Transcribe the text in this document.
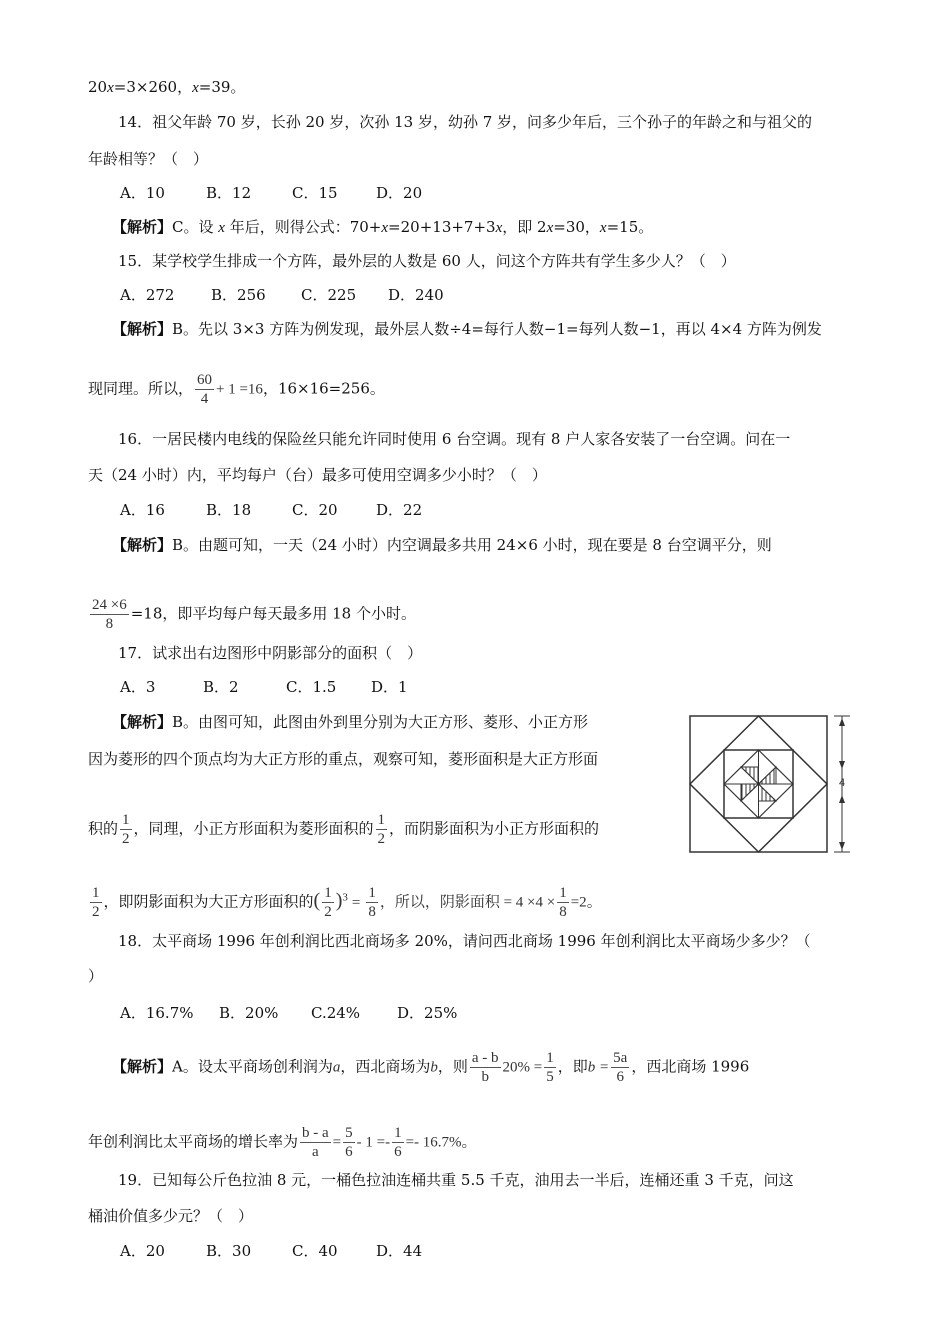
20x=3×260，x=39。
14．祖父年龄 70 岁，长孙 20 岁，次孙 13 岁，幼孙 7 岁，问多少年后，三个孙子的年龄之和与祖父的
年龄相等？（　）
A．10	B．12	C．15	D．20
【解析】C。设 x 年后，则得公式：70+x=20+13+7+3x，即 2x=30，x=15。
15．某学校学生排成一个方阵，最外层的人数是 60 人，问这个方阵共有学生多少人？（　）
A．272 B．256 C．225 D．240
【解析】B。先以 3×3 方阵为例发现，最外层人数÷4=每行人数−1=每列人数−1，再以 4×4 方阵为例发
现同理。所以， $\frac{60}{4} + 1 =16$，16×16=256。
16．一居民楼内电线的保险丝只能允许同时使用 6 台空调。现有 8 户人家各安装了一台空调。问在一
天（24 小时）内，平均每户（台）最多可使用空调多少小时？（　）
A．16	B．18	C．20	D．22
【解析】B。由题可知，一天（24 小时）内空调最多共用 24×6 小时，现在要是 8 台空调平分，则
$\frac{24 \times 6}{8} =18$，即平均每户每天最多用 18 个小时。
17．试求出右边图形中阴影部分的面积（　）
A．3	B．2	C．1.5 D．1
【解析】B。由图可知，此图由外到里分别为大正方形、菱形、小正方形
因为菱形的四个顶点均为大正方形的重点，观察可知，菱形面积是大正方形面
积的 $\frac{1}{2}$ ，同理，小正方形面积为菱形面积的 $\frac{1}{2}$ ，而阴影面积为小正方形面积的
$\frac{1}{2}$ ，即阴影面积为大正方形面积的( $\frac{1}{2} )^3 = \frac{1}{8}$ ，所以，阴影面积 = $4 \times 4 \times \frac{1}{8} =2$。
4
18．太平商场 1996 年创利润比西北商场多 20%，请问西北商场 1996 年创利润比太平商场少多少？（
）
A．16.7% B．20% C.24% D．25%
【解析】A。设太平商场创利润为a，西北商场为b，则 $\frac{a - b}{b} 20\% = \frac{1}{5}$ ，即$b = \frac{5a}{6}$ ，西北商场 1996
年创利润比太平商场的增长率为 $\frac{b - a}{a} = \frac{5}{6} - 1 =- \frac{1}{6} =- 16.7\%$。
19．已知每公斤色拉油 8 元，一桶色拉油连桶共重 5.5 千克，油用去一半后，连桶还重 3 千克，问这
桶油价值多少元？（　）
A．20	B．30	C．40	D．44
